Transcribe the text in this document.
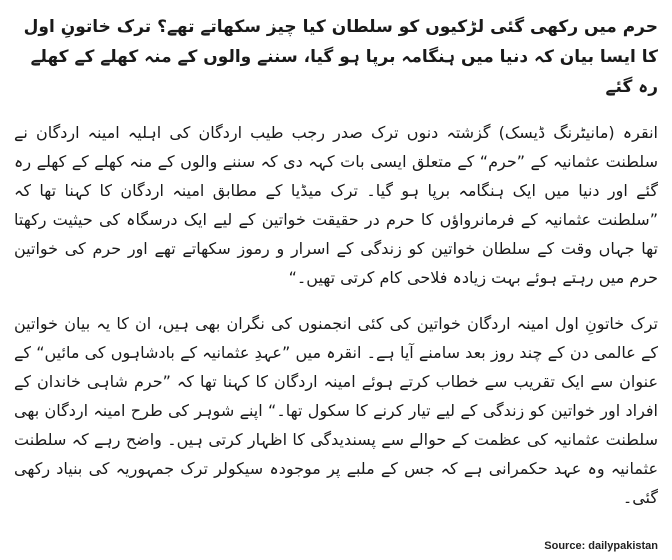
حرم میں رکھی گئی لڑکیوں کو سلطان کیا چیز سکھاتے تھے؟ ترک خاتونِ اول کا ایسا بیان کہ دنیا میں ہنگامہ برپا ہو گیا، سننے والوں کے منہ کھلے کے کھلے رہ گئے

انقرہ (مانیٹرنگ ڈیسک) گزشتہ دنوں ترک صدر رجب طیب اردگان کی اہلیہ امینہ اردگان نے سلطنت عثمانیہ کے ”حرم“ کے متعلق ایسی بات کہہ دی کہ سننے والوں کے منہ کھلے کے کھلے رہ گئے اور دنیا میں ایک ہنگامہ برپا ہو گیا۔ ترک میڈیا کے مطابق امینہ اردگان کا کہنا تھا کہ ”سلطنت عثمانیہ کے فرمانرواؤں کا حرم در حقیقت خواتین کے لیے ایک درسگاہ کی حیثیت رکھتا تھا جہاں وقت کے سلطان خواتین کو زندگی کے اسرار و رموز سکھاتے تھے اور حرم کی خواتین حرم میں رہتے ہوئے بہت زیادہ فلاحی کام کرتی تھیں۔“

ترک خاتونِ اول امینہ اردگان خواتین کی کئی انجمنوں کی نگران بھی ہیں، ان کا یہ بیان خواتین کے عالمی دن کے چند روز بعد سامنے آیا ہے۔ انقرہ میں ”عہدِ عثمانیہ کے بادشاہوں کی مائیں“ کے عنوان سے ایک تقریب سے خطاب کرتے ہوئے امینہ اردگان کا کہنا تھا کہ ”حرم شاہی خاندان کے افراد اور خواتین کو زندگی کے لیے تیار کرنے کا سکول تھا۔“ اپنے شوہر کی طرح امینہ اردگان بھی سلطنت عثمانیہ کی عظمت کے حوالے سے پسندیدگی کا اظہار کرتی ہیں۔ واضح رہے کہ سلطنت عثمانیہ وہ عہد حکمرانی ہے کہ جس کے ملبے پر موجودہ سیکولر ترک جمہوریہ کی بنیاد رکھی گئی۔

Source: dailypakistan
